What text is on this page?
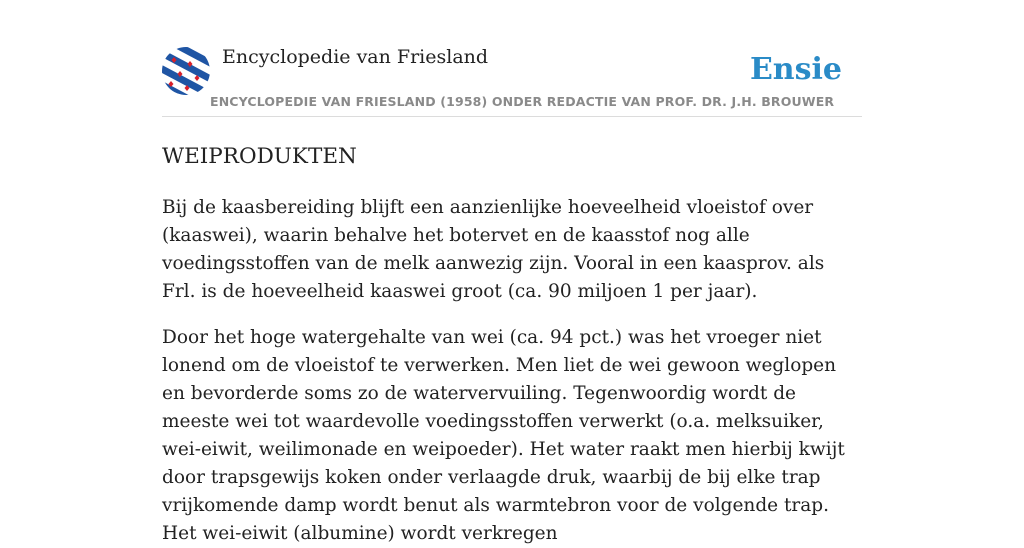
Encyclopedie van Friesland
ENCYCLOPEDIE VAN FRIESLAND (1958) ONDER REDACTIE VAN PROF. DR. J.H. BROUWER
Ensie
WEIPRODUKTEN

Bij de kaasbereiding blijft een aanzienlijke hoeveelheid vloeistof over (kaaswei), waarin behalve het botervet en de kaasstof nog alle voedingsstoffen van de melk aanwezig zijn. Vooral in een kaasprov. als Frl. is de hoeveelheid kaaswei groot (ca. 90 miljoen 1 per jaar).

Door het hoge watergehalte van wei (ca. 94 pct.) was het vroeger niet lonend om de vloeistof te verwerken. Men liet de wei gewoon weglopen en bevorderde soms zo de watervervuiling. Tegenwoordig wordt de meeste wei tot waardevolle voedingsstoffen verwerkt (o.a. melksuiker, wei-eiwit, weilimonade en weipoeder). Het water raakt men hierbij kwijt door trapsgewijs koken onder verlaagde druk, waarbij de bij elke trap vrijkomende damp wordt benut als warmtebron voor de volgende trap. Het wei-eiwit (albumine) wordt verkregen
